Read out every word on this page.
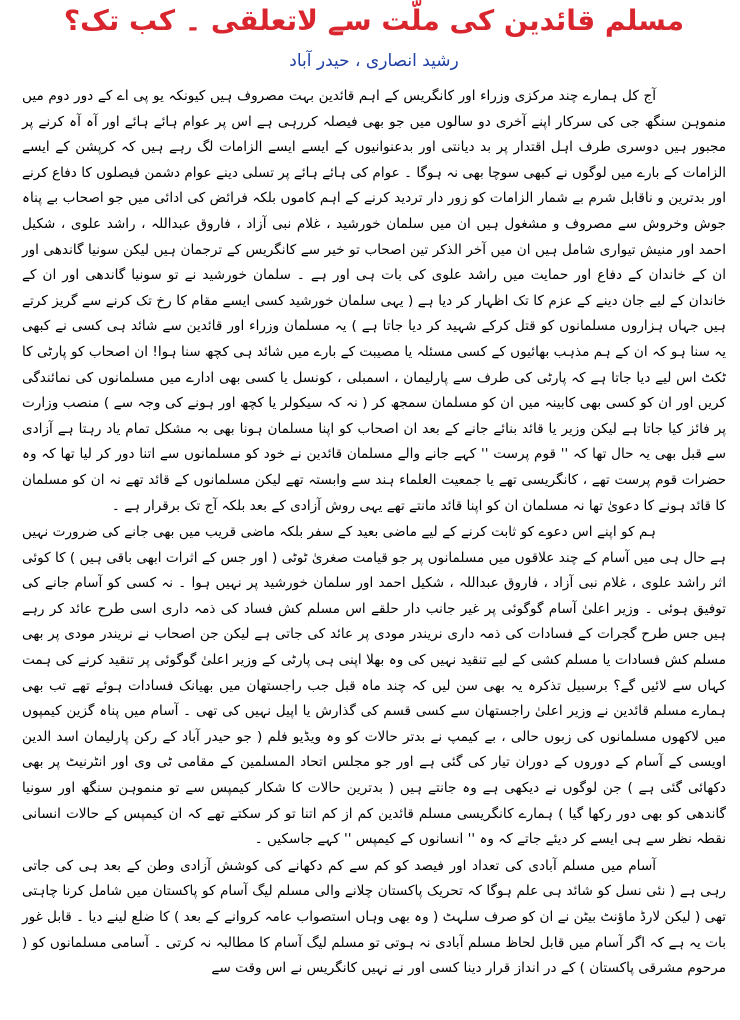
مسلم قائدین کی ملّت سے لاتعلقی ۔ کب تک؟
رشید انصاری ، حیدر آباد

آج کل ہمارے چند مرکزی وزراء اور کانگریس کے اہم قائدین بہت مصروف ہیں کیونکہ یو پی اے کے دور دوم میں منموہن سنگھ جی کی سرکار اپنے آخری دو سالوں میں جو بھی فیصلہ کررہی ہے اس پر عوام ہائے ہائے اور آہ آہ کرنے پر مجبور ہیں دوسری طرف اہل اقتدار پر بد دیانتی اور بدعنوانیوں کے ایسے ایسے الزامات لگ رہے ہیں کہ کرپشن کے ایسے الزامات کے بارے میں لوگوں نے کبھی سوچا بھی نہ ہوگا ۔ عوام کی ہائے ہائے پر تسلی دینے عوام دشمن فیصلوں کا دفاع کرنے اور بدترین و ناقابل شرم بے شمار الزامات کو زور دار تردید کرنے کے اہم کاموں بلکہ فرائض کی ادائی میں جو اصحاب بے پناہ جوش وخروش سے مصروف و مشغول ہیں ان میں سلمان خورشید ، غلام نبی آزاد ، فاروق عبداللہ ، راشد علوی ، شکیل احمد اور منیش تیواری شامل ہیں ان میں آخر الذکر تین اصحاب تو خیر سے کانگریس کے ترجمان ہیں لیکن سونیا گاندھی اور ان کے خاندان کے دفاع اور حمایت میں راشد علوی کی بات ہی اور ہے ۔ سلمان خورشید نے تو سونیا گاندھی اور ان کے خاندان کے لیے جان دینے کے عزم کا تک اظہار کر دیا ہے ( یہی سلمان خورشید کسی ایسے مقام کا رخ تک کرنے سے گریز کرتے ہیں جہاں ہزاروں مسلمانوں کو قتل کرکے شہید کر دیا جاتا ہے ) یہ مسلمان وزراء اور قائدین سے شائد ہی کسی نے کبھی یہ سنا ہو کہ ان کے ہم مذہب بھائیوں کے کسی مسئلہ یا مصیبت کے بارے میں شائد ہی کچھ سنا ہوا! ان اصحاب کو پارٹی کا ٹکٹ اس لیے دیا جاتا ہے کہ پارٹی کی طرف سے پارلیمان ، اسمبلی ، کونسل یا کسی بھی ادارے میں مسلمانوں کی نمائندگی کریں اور ان کو کسی بھی کابینہ میں ان کو مسلمان سمجھ کر ( نہ کہ سیکولر یا کچھ اور ہونے کی وجہ سے ) منصب وزارت پر فائز کیا جاتا ہے لیکن وزیر یا قائد بنائے جانے کے بعد ان اصحاب کو اپنا مسلمان ہونا بھی بہ مشکل تمام یاد رہتا ہے آزادی سے قبل بھی یہ حال تھا کہ '' قوم پرست '' کہے جانے والے مسلمان قائدین نے خود کو مسلمانوں سے اتنا دور کر لیا تھا کہ وہ حضرات قوم پرست تھے ، کانگریسی تھے یا جمعیت العلماء ہند سے وابستہ تھے لیکن مسلمانوں کے قائد تھے نہ ان کو مسلمان کا قائد ہونے کا دعویٰ تھا نہ مسلمان ان کو اپنا قائد مانتے تھے یہی روش آزادی کے بعد بلکہ آج تک برقرار ہے ۔

ہم کو اپنے اس دعوے کو ثابت کرنے کے لیے ماضی بعید کے سفر بلکہ ماضی قریب میں بھی جانے کی ضرورت نہیں ہے حال ہی میں آسام کے چند علاقوں میں مسلمانوں پر جو قیامت صغریٰ ٹوٹی ( اور جس کے اثرات ابھی باقی ہیں ) کا کوئی اثر راشد علوی ، غلام نبی آزاد ، فاروق عبداللہ ، شکیل احمد اور سلمان خورشید پر نہیں ہوا ۔ نہ کسی کو آسام جانے کی توفیق ہوئی ۔ وزیر اعلیٰ آسام گوگوئی پر غیر جانب دار حلقے اس مسلم کش فساد کی ذمہ داری اسی طرح عائد کر رہے ہیں جس طرح گجرات کے فسادات کی ذمہ داری نریندر مودی پر عائد کی جاتی ہے لیکن جن اصحاب نے نریندر مودی پر بھی مسلم کش فسادات یا مسلم کشی کے لیے تنقید نہیں کی وہ بھلا اپنی ہی پارٹی کے وزیر اعلیٰ گوگوئی پر تنقید کرنے کی ہمت کہاں سے لائیں گے؟ برسبیل تذکرہ یہ بھی سن لیں کہ چند ماہ قبل جب راجستھان میں بھیانک فسادات ہوئے تھے تب بھی ہمارے مسلم قائدین نے وزیر اعلیٰ راجستھان سے کسی قسم کی گذارش یا اپیل نہیں کی تھی ۔ آسام میں پناہ گزین کیمپوں میں لاکھوں مسلمانوں کی زبوں حالی ، بے کیمپ نے بدتر حالات کو وہ ویڈیو فلم ( جو حیدر آباد کے رکن پارلیمان اسد الدین اویسی کے آسام کے دوروں کے دوران تیار کی گئی ہے اور جو مجلس اتحاد المسلمین کے مقامی ٹی وی اور انٹرنیٹ پر بھی دکھائی گئی ہے ) جن لوگوں نے دیکھی ہے وہ جانتے ہیں ( بدترین حالات کا شکار کیمپس سے تو منموہن سنگھ اور سونیا گاندھی کو بھی دور رکھا گیا ) ہمارے کانگریسی مسلم قائدین کم از کم اتنا تو کر سکتے تھے کہ ان کیمپس کے حالات انسانی نقطہ نظر سے ہی ایسے کر دیئے جاتے کہ وہ '' انسانوں کے کیمپس '' کہے جاسکیں ۔

آسام میں مسلم آبادی کی تعداد اور فیصد کو کم سے کم دکھانے کی کوشش آزادی وطن کے بعد ہی کی جاتی رہی ہے ( نئی نسل کو شائد ہی علم ہوگا کہ تحریک پاکستان چلانے والی مسلم لیگ آسام کو پاکستان میں شامل کرنا چاہتی تھی ( لیکن لارڈ ماؤنٹ بیٹن نے ان کو صرف سلہٹ ( وہ بھی وہاں استصواب عامہ کروانے کے بعد ) کا ضلع لینے دیا ۔ قابل غور بات یہ ہے کہ اگر آسام میں قابل لحاظ مسلم آبادی نہ ہوتی تو مسلم لیگ آسام کا مطالبہ نہ کرتی ۔ آسامی مسلمانوں کو ( مرحوم مشرقی پاکستان ) کے در انداز قرار دینا کسی اور نے نہیں کانگریس نے اس وقت سے
